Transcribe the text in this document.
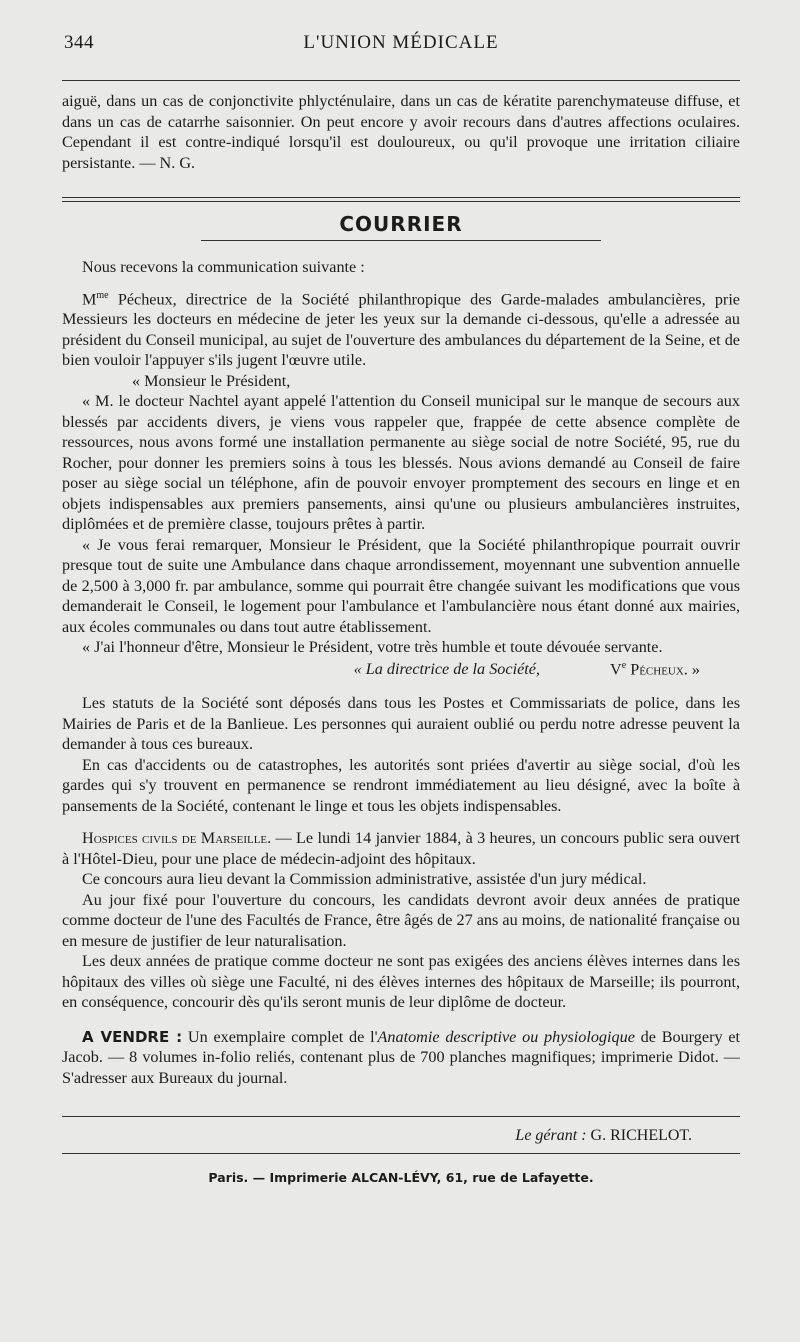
344	L'UNION MÉDICALE

aiguë, dans un cas de conjonctivite phlycténulaire, dans un cas de kératite parenchymateuse diffuse, et dans un cas de catarrhe saisonnier. On peut encore y avoir recours dans d'autres affections oculaires. Cependant il est contre-indiqué lorsqu'il est douloureux, ou qu'il provoque une irritation ciliaire persistante. — N. G.

COURRIER

Nous recevons la communication suivante :

$M^{me}$ Pécheux, directrice de la Société philanthropique des Garde-malades ambulancières, prie Messieurs les docteurs en médecine de jeter les yeux sur la demande ci-dessous, qu'elle a adressée au président du Conseil municipal, au sujet de l'ouverture des ambulances du département de la Seine, et de bien vouloir l'appuyer s'ils jugent l'œuvre utile.

« Monsieur le Président,

« M. le docteur Nachtel ayant appelé l'attention du Conseil municipal sur le manque de secours aux blessés par accidents divers, je viens vous rappeler que, frappée de cette absence complète de ressources, nous avons formé une installation permanente au siège social de notre Société, 95, rue du Rocher, pour donner les premiers soins à tous les blessés. Nous avions demandé au Conseil de faire poser au siège social un téléphone, afin de pouvoir envoyer promptement des secours en linge et en objets indispensables aux premiers pansements, ainsi qu'une ou plusieurs ambulancières instruites, diplômées et de première classe, toujours prêtes à partir.

« Je vous ferai remarquer, Monsieur le Président, que la Société philanthropique pourrait ouvrir presque tout de suite une Ambulance dans chaque arrondissement, moyennant une subvention annuelle de 2,500 à 3,000 fr. par ambulance, somme qui pourrait être changée suivant les modifications que vous demanderait le Conseil, le logement pour l'ambulance et l'ambulancière nous étant donné aux mairies, aux écoles communales ou dans tout autre établissement.

« J'ai l'honneur d'être, Monsieur le Président, votre très humble et toute dévouée servante.

« La directrice de la Société,	Ve Pécheux. »

Les statuts de la Société sont déposés dans tous les Postes et Commissariats de police, dans les Mairies de Paris et de la Banlieue. Les personnes qui auraient oublié ou perdu notre adresse peuvent la demander à tous ces bureaux.

En cas d'accidents ou de catastrophes, les autorités sont priées d'avertir au siège social, d'où les gardes qui s'y trouvent en permanence se rendront immédiatement au lieu désigné, avec la boîte à pansements de la Société, contenant le linge et tous les objets indispensables.

Hospices civils de Marseille. — Le lundi 14 janvier 1884, à 3 heures, un concours public sera ouvert à l'Hôtel-Dieu, pour une place de médecin-adjoint des hôpitaux.

Ce concours aura lieu devant la Commission administrative, assistée d'un jury médical.

Au jour fixé pour l'ouverture du concours, les candidats devront avoir deux années de pratique comme docteur de l'une des Facultés de France, être âgés de 27 ans au moins, de nationalité française ou en mesure de justifier de leur naturalisation.

Les deux années de pratique comme docteur ne sont pas exigées des anciens élèves internes dans les hôpitaux des villes où siège une Faculté, ni des élèves internes des hôpitaux de Marseille; ils pourront, en conséquence, concourir dès qu'ils seront munis de leur diplôme de docteur.

A VENDRE : Un exemplaire complet de l'Anatomie descriptive ou physiologique de Bourgery et Jacob. — 8 volumes in-folio reliés, contenant plus de 700 planches magnifiques; imprimerie Didot. — S'adresser aux Bureaux du journal.

Le gérant : G. RICHELOT.
Paris. — Imprimerie ALCAN-LÉVY, 61, rue de Lafayette.
